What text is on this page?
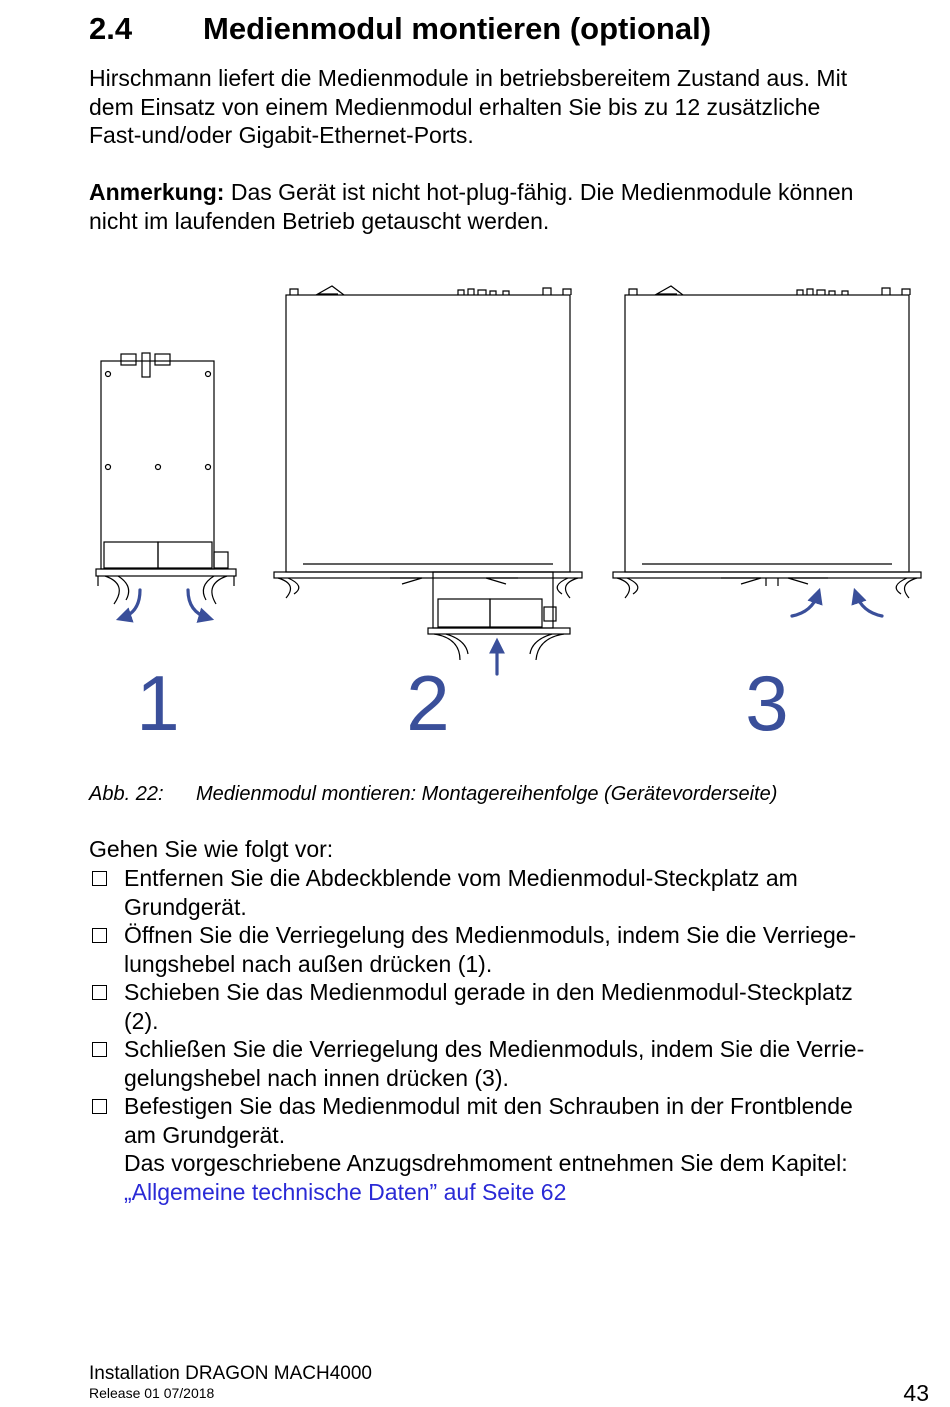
2.4 Medienmodul montieren (optional)

Hirschmann liefert die Medienmodule in betriebsbereitem Zustand aus. Mit
dem Einsatz von einem Medienmodul erhalten Sie bis zu 12 zusätzliche
Fast-und/oder Gigabit-Ethernet-Ports.

Anmerkung: Das Gerät ist nicht hot-plug-fähig. Die Medienmodule können
nicht im laufenden Betrieb getauscht werden.

1	2	3
Abb. 22: Medienmodul montieren: Montagereihenfolge (Gerätevorderseite)
Gehen Sie wie folgt vor:
Entfernen Sie die Abdeckblende vom Medienmodul-Steckplatz am
Grundgerät.
Öffnen Sie die Verriegelung des Medienmoduls, indem Sie die Verriege-
lungshebel nach außen drücken (1).
Schieben Sie das Medienmodul gerade in den Medienmodul-Steckplatz
(2).
Schließen Sie die Verriegelung des Medienmoduls, indem Sie die Verrie-
gelungshebel nach innen drücken (3).
Befestigen Sie das Medienmodul mit den Schrauben in der Frontblende
am Grundgerät.
Das vorgeschriebene Anzugsdrehmoment entnehmen Sie dem Kapitel:
„Allgemeine technische Daten” auf Seite 62
Installation DRAGON MACH4000
Release 01 07/2018	43
